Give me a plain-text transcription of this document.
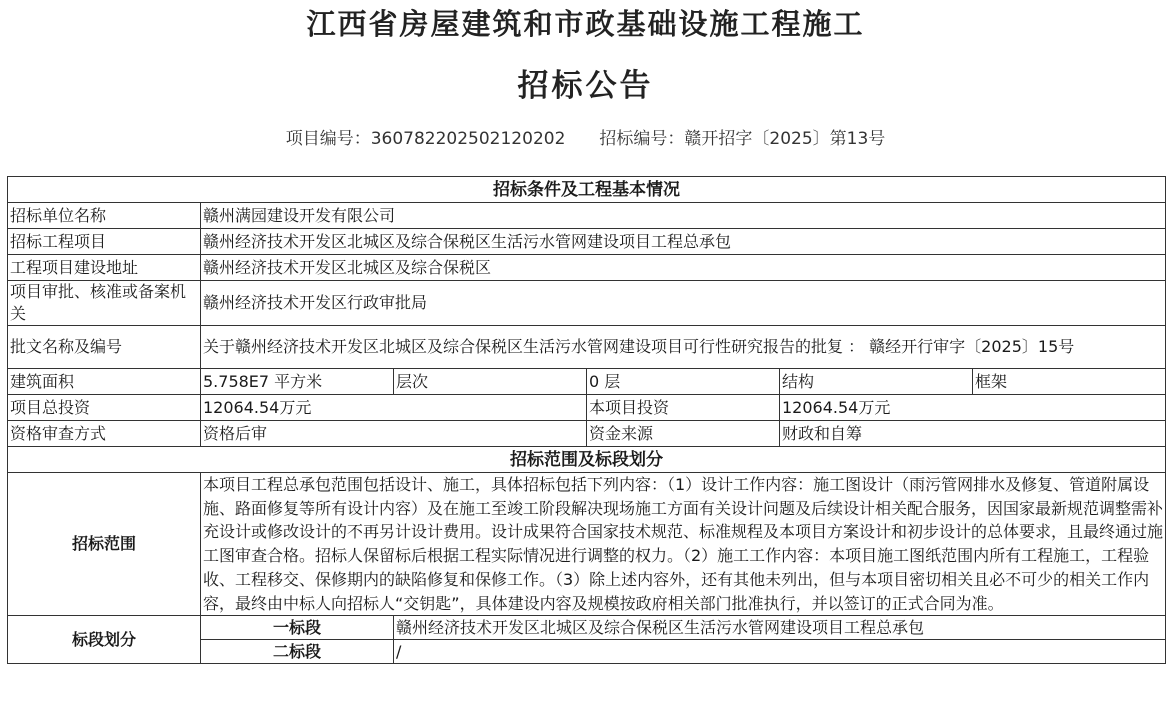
江西省房屋建筑和市政基础设施工程施工
招标公告
项目编号：360782202502120202 招标编号：赣开招字〔2025〕第13号
招标条件及工程基本情况					
招标单位名称	赣州满园建设开发有限公司				
招标工程项目	赣州经济技术开发区北城区及综合保税区生活污水管网建设项目工程总承包				
工程项目建设地址	赣州经济技术开发区北城区及综合保税区				
项目审批、核准或备案机关	赣州经济技术开发区行政审批局				
批文名称及编号	关于赣州经济技术开发区北城区及综合保税区生活污水管网建设项目可行性研究报告的批复 ： 赣经开行审字〔2025〕15号				
建筑面积	5.758E7 平方米	层次	0 层	结构	框架
项目总投资	12064.54万元		本项目投资	12064.54万元	
资格审查方式	资格后审		资金来源	财政和自筹	
招标范围及标段划分					
招标范围	本项目工程总承包范围包括设计、施工，具体招标包括下列内容：（1）设计工作内容：施工图设计（雨污管网排水及修复、管道附属设施、路面修复等所有设计内容）及在施工至竣工阶段解决现场施工方面有关设计问题及后续设计相关配合服务，因国家最新规范调整需补充设计或修改设计的不再另计设计费用。设计成果符合国家技术规范、标准规程及本项目方案设计和初步设计的总体要求，且最终通过施工图审查合格。招标人保留标后根据工程实际情况进行调整的权力。（2）施工工作内容：本项目施工图纸范围内所有工程施工，工程验收、工程移交、保修期内的缺陷修复和保修工作。（3）除上述内容外，还有其他未列出，但与本项目密切相关且必不可少的相关工作内容，最终由中标人向招标人“交钥匙”，具体建设内容及规模按政府相关部门批准执行，并以签订的正式合同为准。				
标段划分	一标段	赣州经济技术开发区北城区及综合保税区生活污水管网建设项目工程总承包			
	二标段	/			
